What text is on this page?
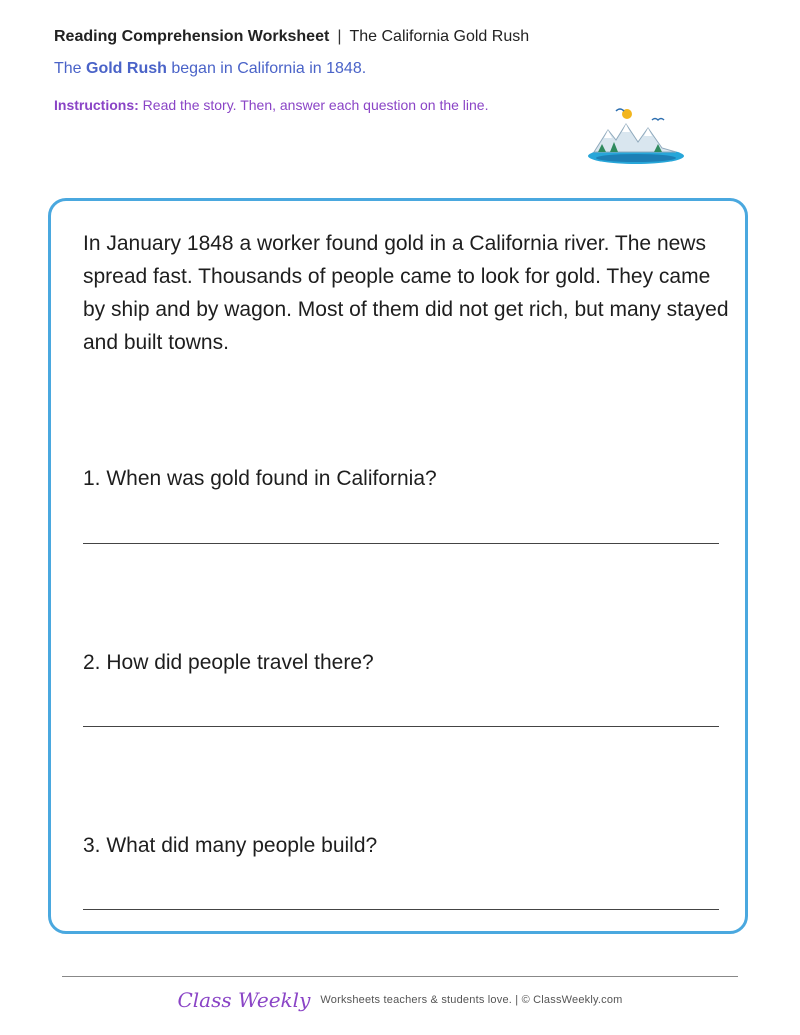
Reading Comprehension Worksheet | The California Gold Rush
The Gold Rush began in California in 1848.
Instructions: Read the story. Then, answer each question on the line.
In January 1848 a worker found gold in a California river. The news spread fast. Thousands of people came to look for gold. They came by ship and by wagon. Most of them did not get rich, but many stayed and built towns.
1. When was gold found in California?
2. How did people travel there?
3. What did many people build?
Class Weekly Worksheets teachers & students love. | © ClassWeekly.com
